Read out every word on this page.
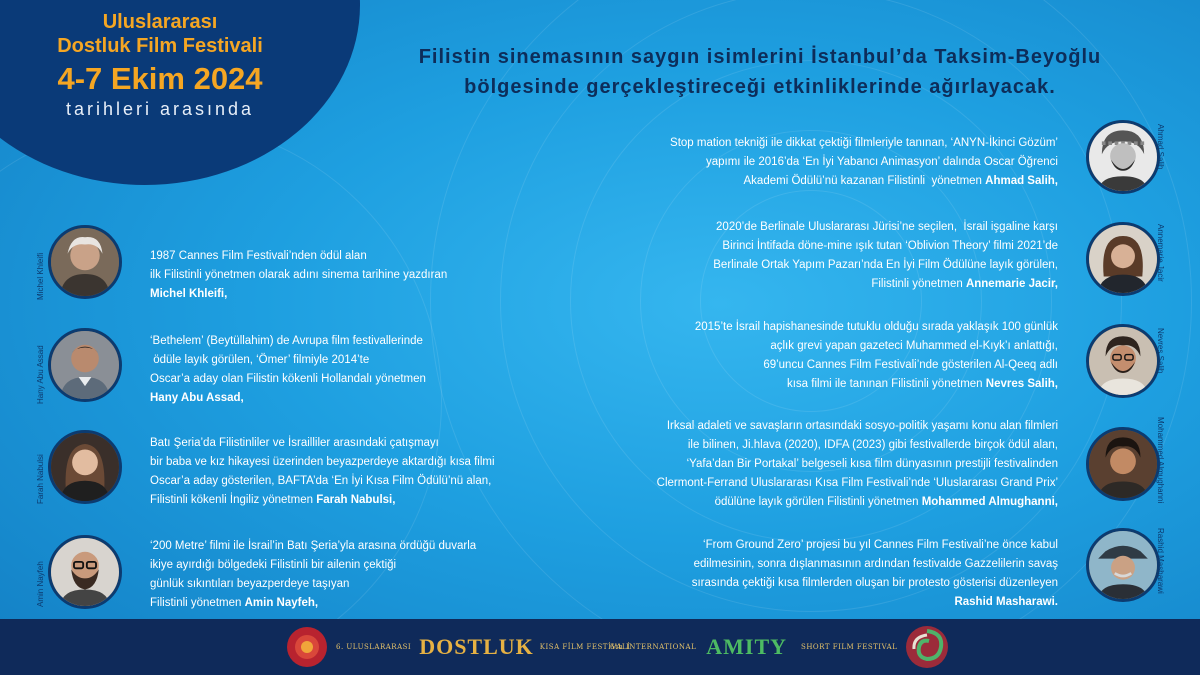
Uluslararası
Dostluk Film Festivali
4-7 Ekim 2024
tarihleri arasında
Filistin sinemasının saygın isimlerini İstanbul’da Taksim-Beyoğlu
bölgesinde gerçekleştireceği etkinliklerinde ağırlayacak.
Michel Khleifi	1987 Cannes Film Festivali’nden ödül alan
ilk Filistinli yönetmen olarak adını sinema tarihine yazdıran
Michel Khleifi,
Hany Abu Assad
‘Bethelem’ (Beytüllahim) de Avrupa film festivallerinde
ödüle layık görülen, ‘Ömer’ filmiyle 2014’te
Oscar’a aday olan Filistin kökenli Hollandalı yönetmen
Hany Abu Assad,
Farah Nabulsi
Batı Şeria’da Filistinliler ve İsrailliler arasındaki çatışmayı
bir baba ve kız hikayesi üzerinden beyazperdeye aktardığı kısa filmi
Oscar’a aday gösterilen, BAFTA’da ‘En İyi Kısa Film Ödülü’nü alan,
Filistinli kökenli İngiliz yönetmen Farah Nabulsi,
Amin Nayfeh
‘200 Metre’ filmi ile İsrail’in Batı Şeria’yla arasına ördüğü duvarla
ikiye ayırdığı bölgedeki Filistinli bir ailenin çektiği
günlük sıkıntıları beyazperdeye taşıyan
Filistinli yönetmen Amin Nayfeh,
Stop mation tekniği ile dikkat çektiği filmleriyle tanınan, ‘ANYN-İkinci Gözüm’
yapımı ile 2016’da ‘En İyi Yabancı Animasyon’ dalında Oscar Öğrenci
Akademi Ödülü’nü kazanan Filistinli  yönetmen Ahmad Salih,
Ahmad Salih
2020’de Berlinale Uluslararası Jürisi’ne seçilen,  İsrail işgaline karşı
Birinci İntifada döne-mine ışık tutan ‘Oblivion Theory’ filmi 2021’de
Berlinale Ortak Yapım Pazarı’nda En İyi Film Ödülüne layık görülen,
Filistinli yönetmen Annemarie Jacir,
Annemarie Jacir
2015’te İsrail hapishanesinde tutuklu olduğu sırada yaklaşık 100 günlük
açlık grevi yapan gazeteci Muhammed el-Kıyk’ı anlattığı,
69’uncu Cannes Film Festivali’nde gösterilen Al-Qeeq adlı
kısa filmi ile tanınan Filistinli yönetmen Nevres Salih,
Nevres Salih
Irksal adaleti ve savaşların ortasındaki sosyo-politik yaşamı konu alan filmleri
ile bilinen, Ji.hlava (2020), IDFA (2023) gibi festivallerde birçok ödül alan,
‘Yafa’dan Bir Portakal’ belgeseli kısa film dünyasının prestijli festivalinden
Clermont-Ferrand Uluslararası Kısa Film Festivali’nde ‘Uluslararası Grand Prix’
ödülüne layık görülen Filistinli yönetmen Mohammed Almughanni,	Mohammed Almughanni
‘From Ground Zero’ projesi bu yıl Cannes Film Festivali’ne önce kabul
edilmesinin, sonra dışlanmasının ardından festivalde Gazzelilerin savaş
sırasında çektiği kısa filmlerden oluşan bir protesto gösterisi düzenleyen
Rashid Masharawi.
Rashid Masharawi
6. ULUSLARARASI DOSTLUK KISA FİLM FESTİVALİ
6th INTERNATIONAL AMITY SHORT FILM FESTIVAL
